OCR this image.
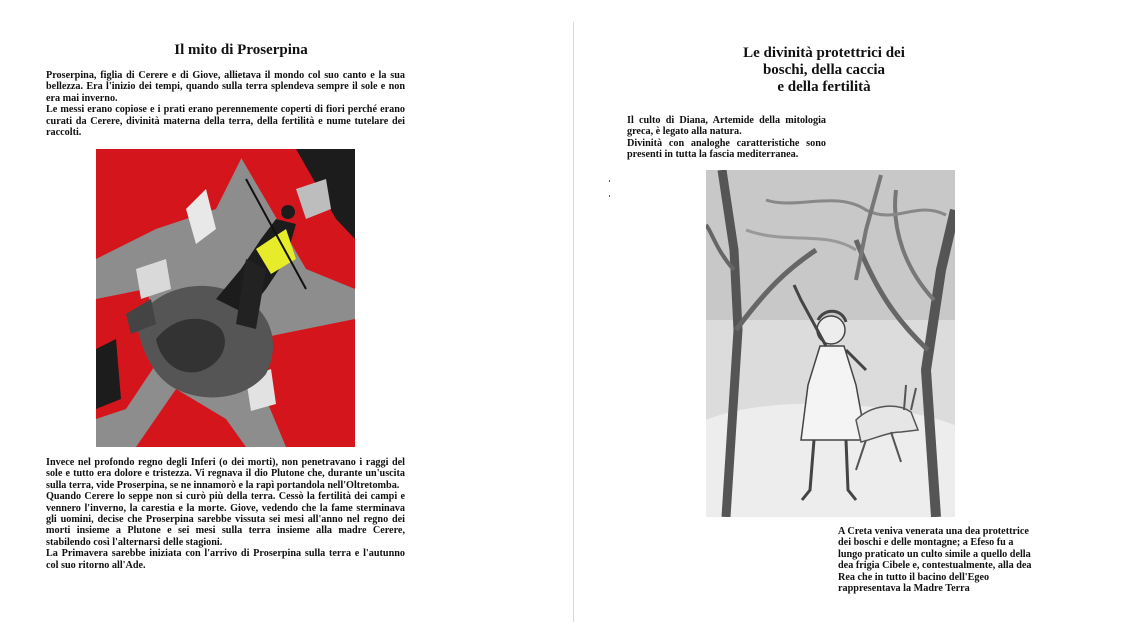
Il mito di Proserpina

Proserpina, figlia di Cerere e di Giove, allietava il mondo col suo canto e la sua bellezza. Era l'inizio dei tempi, quando sulla terra splendeva sempre il sole e non era mai inverno.

Le messi erano copiose e i prati erano perennemente coperti di fiori perché erano curati da Cerere, divinità materna della terra, della fertilità e nume tutelare dei raccolti.

Invece nel profondo regno degli Inferi (o dei morti), non penetravano i raggi del sole e tutto era dolore e tristezza. Vi regnava il dio Plutone che, durante un'uscita sulla terra, vide Proserpina, se ne innamorò e la rapì portandola nell'Oltretomba.

Quando Cerere lo seppe non si curò più della terra. Cessò la fertilità dei campi e vennero l'inverno, la carestia e la morte. Giove, vedendo che la fame sterminava gli uomini, decise che Proserpina sarebbe vissuta sei mesi all'anno nel regno dei morti insieme a Plutone e sei mesi sulla terra insieme alla madre Cerere, stabilendo così l'alternarsi delle stagioni.

La Primavera sarebbe iniziata con l'arrivo di Proserpina sulla terra e l'autunno col suo ritorno all'Ade.

Le divinità protettrici dei
boschi, della caccia
e della fertilità

Il culto di Diana, Artemide della mitologia greca, è legato alla natura.

Divinità con analoghe caratteristiche sono presenti in tutta la fascia mediterranea.

A Creta veniva venerata una dea protettrice dei boschi e delle montagne; a Efeso fu a lungo praticato un culto simile a quello della dea frigia Cibele e, contestualmente, alla dea Rea che in tutto il bacino dell'Egeo rappresentava la Madre Terra
